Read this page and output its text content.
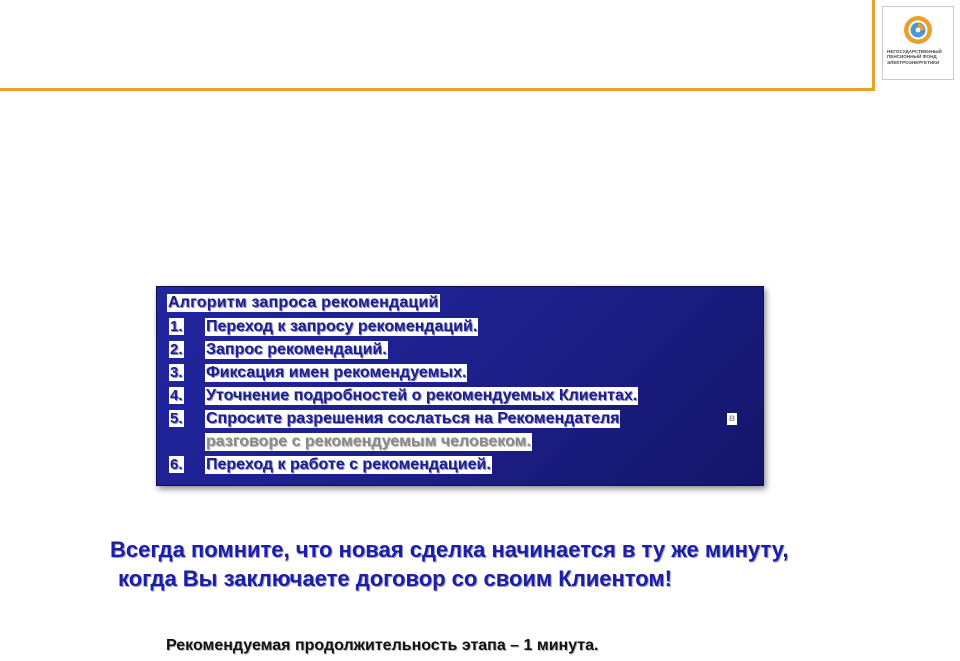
НЕГОСУДАРСТВЕННЫЙ
ПЕНСИОННЫЙ ФОНД
ЭЛЕКТРОЭНЕРГЕТИКИ
Алгоритм запроса рекомендаций
1. Переход к запросу рекомендаций.
2. Запрос рекомендаций.
3. Фиксация имен рекомендуемых.
4. Уточнение подробностей о рекомендуемых Клиентах.
5. Спросите разрешения сослаться на Рекомендателя	в
разговоре с рекомендуемым человеком.
6. Переход к работе с рекомендацией.
Всегда помните, что новая сделка начинается в ту же минуту,
когда Вы заключаете договор со своим Клиентом!
Рекомендуемая продолжительность этапа – 1 минута.
